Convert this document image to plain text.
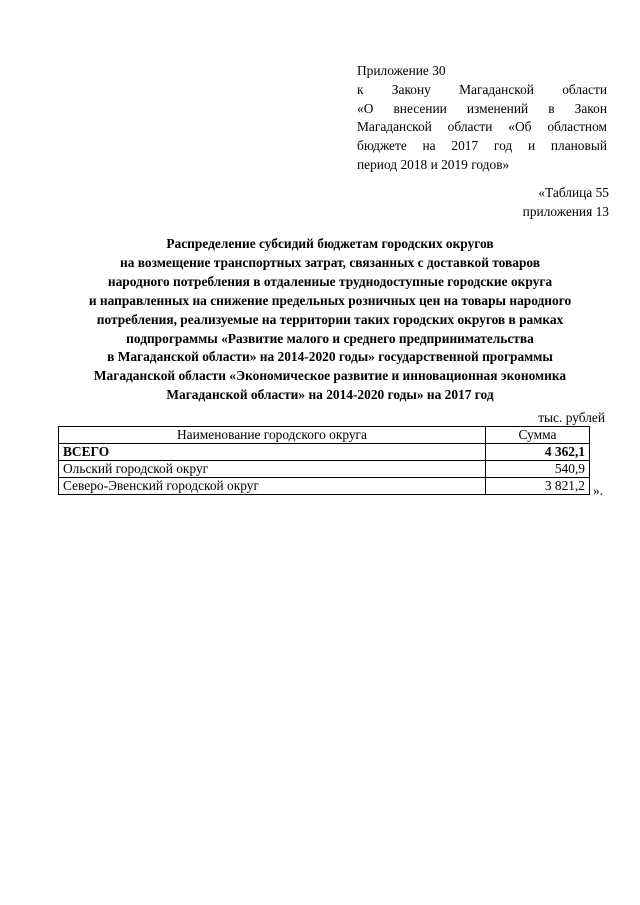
Приложение 30
к Закону Магаданской области
«О внесении изменений в Закон
Магаданской области «Об областном
бюджете на 2017 год и плановый
период 2018 и 2019 годов»
«Таблица 55
приложения 13
Распределение субсидий бюджетам городских округов
на возмещение транспортных затрат, связанных с доставкой товаров
народного потребления в отдаленные труднодоступные городские округа
и направленных на снижение предельных розничных цен на товары народного
потребления, реализуемые на территории таких городских округов в рамках
подпрограммы «Развитие малого и среднего предпринимательства
в Магаданской области» на 2014-2020 годы» государственной программы
Магаданской области «Экономическое развитие и инновационная экономика
Магаданской области» на 2014-2020 годы» на 2017 год
тыс. рублей
Наименование городского округа	Сумма
ВСЕГО	4 362,1
Ольский городской округ	540,9
Северо-Эвенский городской округ	3 821,2 ».
